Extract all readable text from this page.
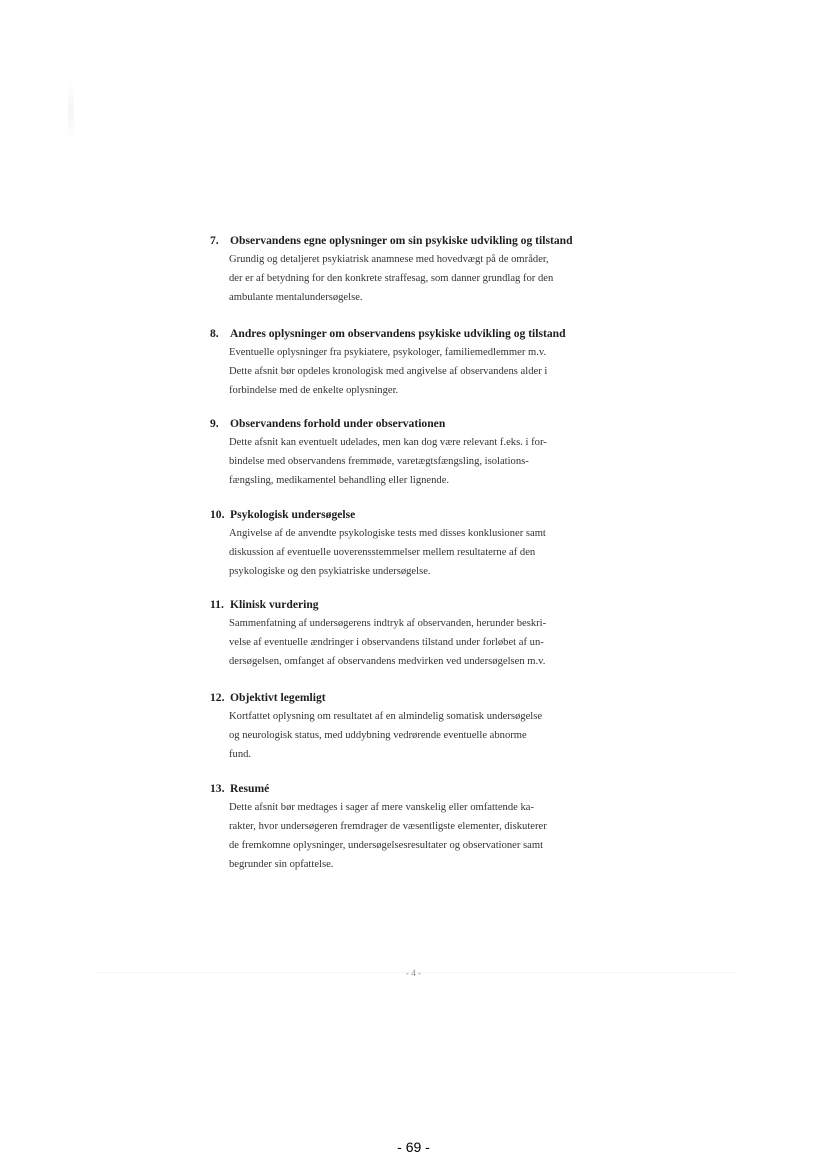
7. Observandens egne oplysninger om sin psykiske udvikling og tilstand
Grundig og detaljeret psykiatrisk anamnese med hovedvægt på de områder,
der er af betydning for den konkrete straffesag, som danner grundlag for den
ambulante mentalundersøgelse.
8. Andres oplysninger om observandens psykiske udvikling og tilstand
Eventuelle oplysninger fra psykiatere, psykologer, familiemedlemmer m.v.
Dette afsnit bør opdeles kronologisk med angivelse af observandens alder i
forbindelse med de enkelte oplysninger.
9. Observandens forhold under observationen
Dette afsnit kan eventuelt udelades, men kan dog være relevant f.eks. i for-
bindelse med observandens fremmøde, varetægtsfængsling, isolations-
fængsling, medikamentel behandling eller lignende.
10. Psykologisk undersøgelse
Angivelse af de anvendte psykologiske tests med disses konklusioner samt
diskussion af eventuelle uoverensstemmelser mellem resultaterne af den
psykologiske og den psykiatriske undersøgelse.
11. Klinisk vurdering
Sammenfatning af undersøgerens indtryk af observanden, herunder beskri-
velse af eventuelle ændringer i observandens tilstand under forløbet af un-
dersøgelsen, omfanget af observandens medvirken ved undersøgelsen m.v.
12. Objektivt legemligt
Kortfattet oplysning om resultatet af en almindelig somatisk undersøgelse
og neurologisk status, med uddybning vedrørende eventuelle abnorme
fund.
13. Resumé
Dette afsnit bør medtages i sager af mere vanskelig eller omfattende ka-
rakter, hvor undersøgeren fremdrager de væsentligste elementer, diskuterer
de fremkomne oplysninger, undersøgelsesresultater og observationer samt
begrunder sin opfattelse.
- 4 -
- 69 -
